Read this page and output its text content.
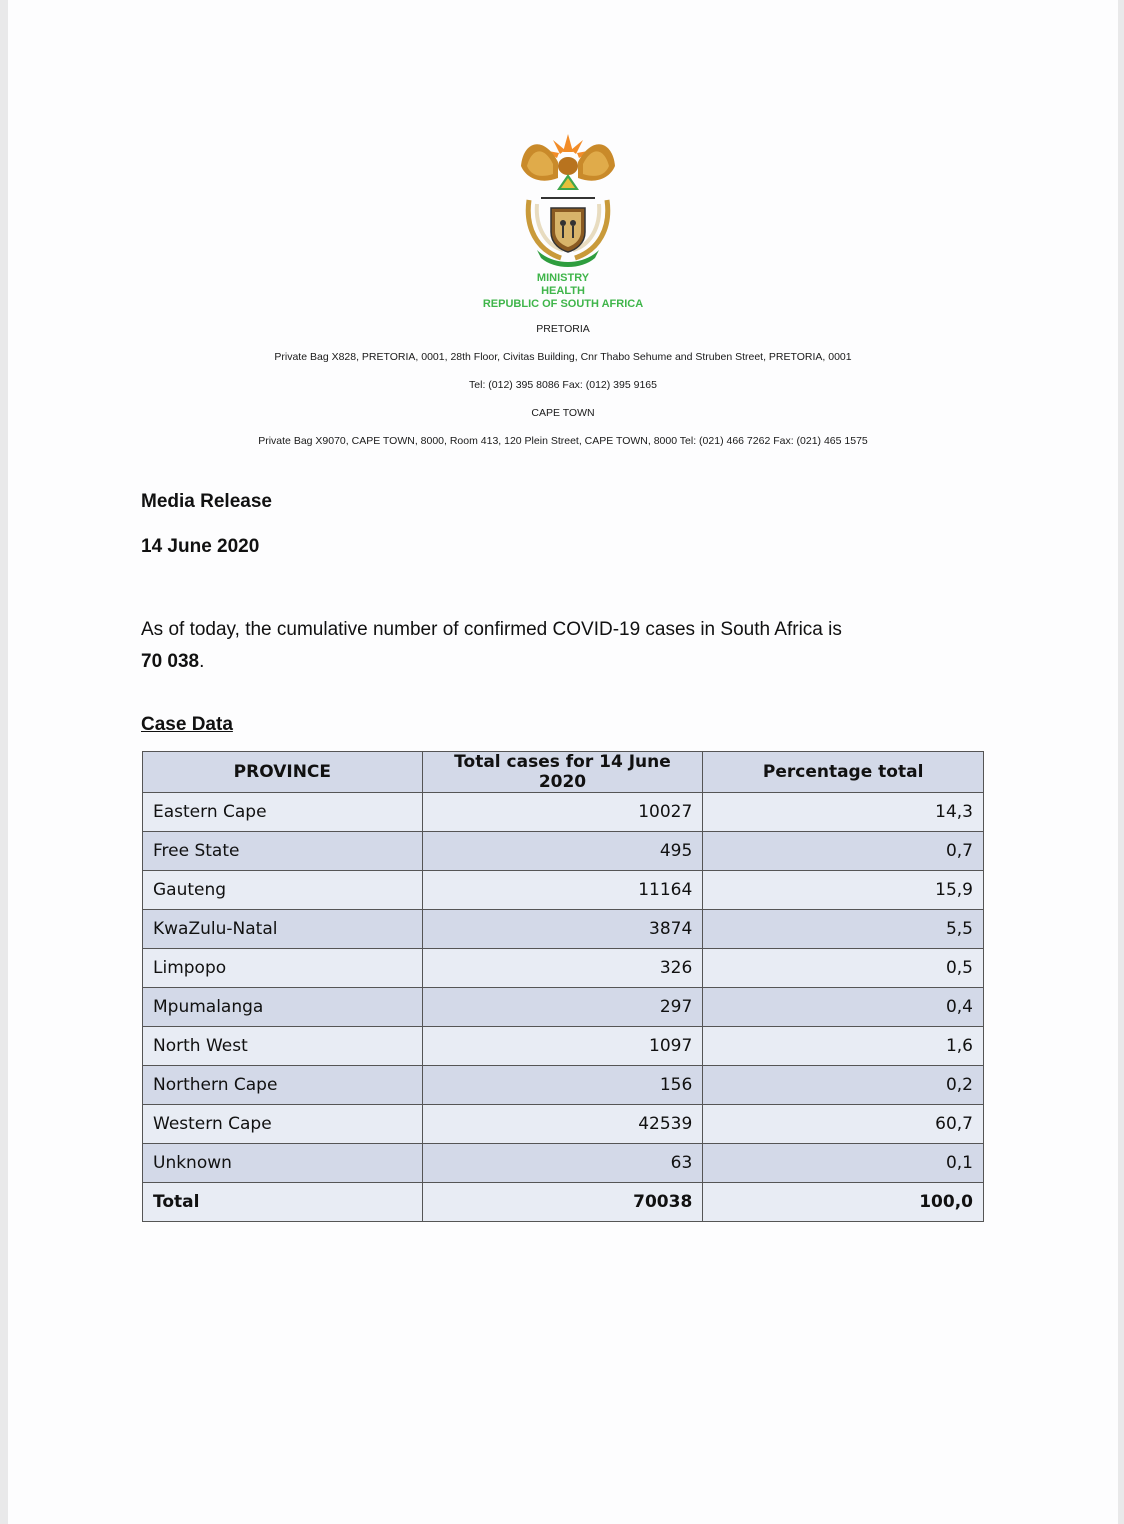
MINISTRY
HEALTH
REPUBLIC OF SOUTH AFRICA
PRETORIA
Private Bag X828, PRETORIA, 0001, 28th Floor, Civitas Building, Cnr Thabo Sehume and Struben Street, PRETORIA, 0001
Tel: (012) 395 8086 Fax: (012) 395 9165
CAPE TOWN
Private Bag X9070, CAPE TOWN, 8000, Room 413, 120 Plein Street, CAPE TOWN, 8000 Tel: (021) 466 7262 Fax: (021) 465 1575
Media Release
14 June 2020
As of today, the cumulative number of confirmed COVID-19 cases in South Africa is
70 038.
Case Data
PROVINCE	Total cases for 14 June 2020	Percentage total
Eastern Cape	10027	14,3
Free State	495	0,7
Gauteng	11164	15,9
KwaZulu-Natal	3874	5,5
Limpopo	326	0,5
Mpumalanga	297	0,4
North West	1097	1,6
Northern Cape	156	0,2
Western Cape	42539	60,7
Unknown	63	0,1
Total	70038	100,0
